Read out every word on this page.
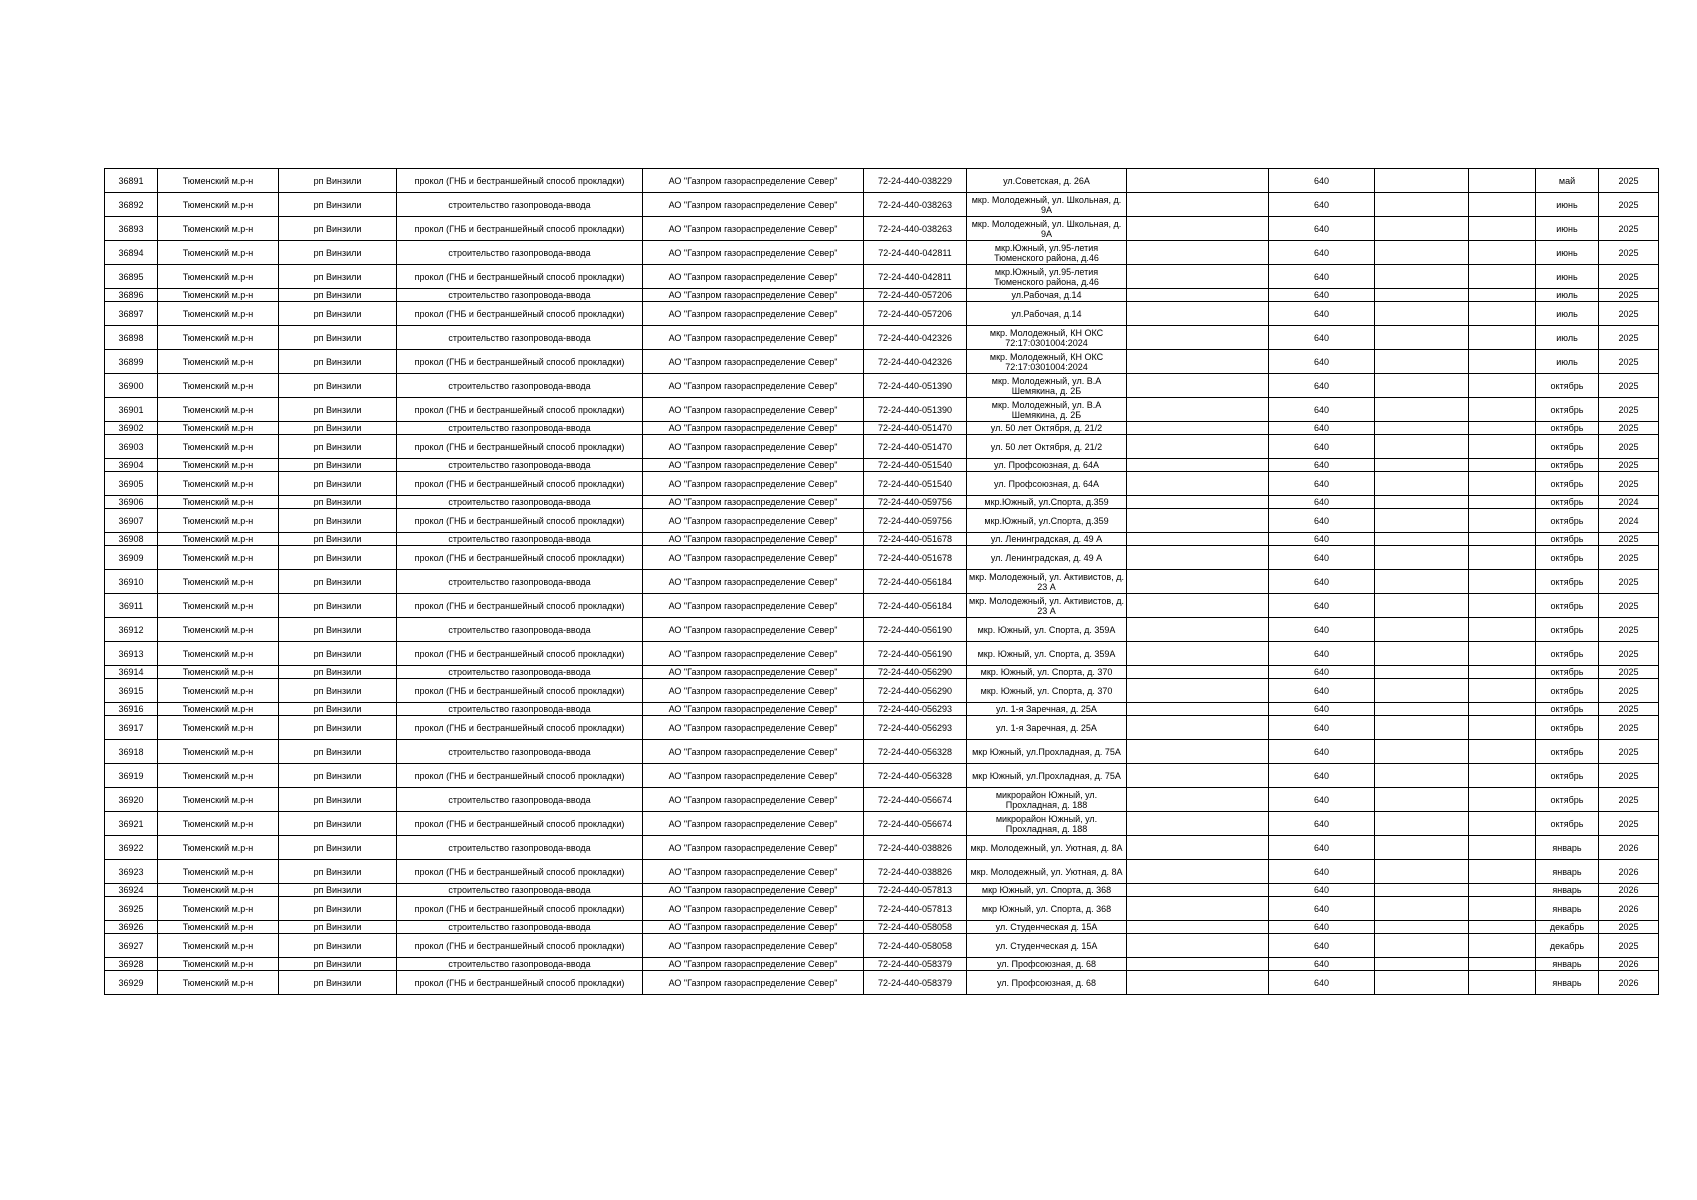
36891	Тюменский м.р-н	рп Винзили	прокол (ГНБ и бестраншейный способ прокладки)	АО "Газпром газораспределение Север"	72-24-440-038229	ул.Советская, д. 26А		640			май	2025
36892	Тюменский м.р-н	рп Винзили	строительство газопровода-ввода	АО "Газпром газораспределение Север"	72-24-440-038263	мкр. Молодежный, ул. Школьная, д. 9А		640			июнь	2025
36893	Тюменский м.р-н	рп Винзили	прокол (ГНБ и бестраншейный способ прокладки)	АО "Газпром газораспределение Север"	72-24-440-038263	мкр. Молодежный, ул. Школьная, д. 9А		640			июнь	2025
36894	Тюменский м.р-н	рп Винзили	строительство газопровода-ввода	АО "Газпром газораспределение Север"	72-24-440-042811	мкр.Южный, ул.95-летия Тюменского района, д.46		640			июнь	2025
36895	Тюменский м.р-н	рп Винзили	прокол (ГНБ и бестраншейный способ прокладки)	АО "Газпром газораспределение Север"	72-24-440-042811	мкр.Южный, ул.95-летия Тюменского района, д.46		640			июнь	2025
36896	Тюменский м.р-н	рп Винзили	строительство газопровода-ввода	АО "Газпром газораспределение Север"	72-24-440-057206	ул.Рабочая, д.14		640			июль	2025
36897	Тюменский м.р-н	рп Винзили	прокол (ГНБ и бестраншейный способ прокладки)	АО "Газпром газораспределение Север"	72-24-440-057206	ул.Рабочая, д.14		640			июль	2025
36898	Тюменский м.р-н	рп Винзили	строительство газопровода-ввода	АО "Газпром газораспределение Север"	72-24-440-042326	мкр. Молодежный, КН ОКС 72:17:0301004:2024		640			июль	2025
36899	Тюменский м.р-н	рп Винзили	прокол (ГНБ и бестраншейный способ прокладки)	АО "Газпром газораспределение Север"	72-24-440-042326	мкр. Молодежный, КН ОКС 72:17:0301004:2024		640			июль	2025
36900	Тюменский м.р-н	рп Винзили	строительство газопровода-ввода	АО "Газпром газораспределение Север"	72-24-440-051390	мкр. Молодежный, ул. В.А Шемякина, д. 2Б		640			октябрь	2025
36901	Тюменский м.р-н	рп Винзили	прокол (ГНБ и бестраншейный способ прокладки)	АО "Газпром газораспределение Север"	72-24-440-051390	мкр. Молодежный, ул. В.А Шемякина, д. 2Б		640			октябрь	2025
36902	Тюменский м.р-н	рп Винзили	строительство газопровода-ввода	АО "Газпром газораспределение Север"	72-24-440-051470	ул. 50 лет Октября, д. 21/2		640			октябрь	2025
36903	Тюменский м.р-н	рп Винзили	прокол (ГНБ и бестраншейный способ прокладки)	АО "Газпром газораспределение Север"	72-24-440-051470	ул. 50 лет Октября, д. 21/2		640			октябрь	2025
36904	Тюменский м.р-н	рп Винзили	строительство газопровода-ввода	АО "Газпром газораспределение Север"	72-24-440-051540	ул. Профсоюзная, д. 64А		640			октябрь	2025
36905	Тюменский м.р-н	рп Винзили	прокол (ГНБ и бестраншейный способ прокладки)	АО "Газпром газораспределение Север"	72-24-440-051540	ул. Профсоюзная, д. 64А		640			октябрь	2025
36906	Тюменский м.р-н	рп Винзили	строительство газопровода-ввода	АО "Газпром газораспределение Север"	72-24-440-059756	мкр.Южный, ул.Спорта, д.359		640			октябрь	2024
36907	Тюменский м.р-н	рп Винзили	прокол (ГНБ и бестраншейный способ прокладки)	АО "Газпром газораспределение Север"	72-24-440-059756	мкр.Южный, ул.Спорта, д.359		640			октябрь	2024
36908	Тюменский м.р-н	рп Винзили	строительство газопровода-ввода	АО "Газпром газораспределение Север"	72-24-440-051678	ул. Ленинградская, д. 49 А		640			октябрь	2025
36909	Тюменский м.р-н	рп Винзили	прокол (ГНБ и бестраншейный способ прокладки)	АО "Газпром газораспределение Север"	72-24-440-051678	ул. Ленинградская, д. 49 А		640			октябрь	2025
36910	Тюменский м.р-н	рп Винзили	строительство газопровода-ввода	АО "Газпром газораспределение Север"	72-24-440-056184	мкр. Молодежный, ул. Активистов, д. 23 А		640			октябрь	2025
36911	Тюменский м.р-н	рп Винзили	прокол (ГНБ и бестраншейный способ прокладки)	АО "Газпром газораспределение Север"	72-24-440-056184	мкр. Молодежный, ул. Активистов, д. 23 А		640			октябрь	2025
36912	Тюменский м.р-н	рп Винзили	строительство газопровода-ввода	АО "Газпром газораспределение Север"	72-24-440-056190	мкр. Южный, ул. Спорта, д. 359А		640			октябрь	2025
36913	Тюменский м.р-н	рп Винзили	прокол (ГНБ и бестраншейный способ прокладки)	АО "Газпром газораспределение Север"	72-24-440-056190	мкр. Южный, ул. Спорта, д. 359А		640			октябрь	2025
36914	Тюменский м.р-н	рп Винзили	строительство газопровода-ввода	АО "Газпром газораспределение Север"	72-24-440-056290	мкр. Южный, ул. Спорта, д. 370		640			октябрь	2025
36915	Тюменский м.р-н	рп Винзили	прокол (ГНБ и бестраншейный способ прокладки)	АО "Газпром газораспределение Север"	72-24-440-056290	мкр. Южный, ул. Спорта, д. 370		640			октябрь	2025
36916	Тюменский м.р-н	рп Винзили	строительство газопровода-ввода	АО "Газпром газораспределение Север"	72-24-440-056293	ул. 1-я Заречная, д. 25А		640			октябрь	2025
36917	Тюменский м.р-н	рп Винзили	прокол (ГНБ и бестраншейный способ прокладки)	АО "Газпром газораспределение Север"	72-24-440-056293	ул. 1-я Заречная, д. 25А		640			октябрь	2025
36918	Тюменский м.р-н	рп Винзили	строительство газопровода-ввода	АО "Газпром газораспределение Север"	72-24-440-056328	мкр Южный, ул.Прохладная, д. 75А		640			октябрь	2025
36919	Тюменский м.р-н	рп Винзили	прокол (ГНБ и бестраншейный способ прокладки)	АО "Газпром газораспределение Север"	72-24-440-056328	мкр Южный, ул.Прохладная, д. 75А		640			октябрь	2025
36920	Тюменский м.р-н	рп Винзили	строительство газопровода-ввода	АО "Газпром газораспределение Север"	72-24-440-056674	микрорайон Южный, ул. Прохладная, д. 188		640			октябрь	2025
36921	Тюменский м.р-н	рп Винзили	прокол (ГНБ и бестраншейный способ прокладки)	АО "Газпром газораспределение Север"	72-24-440-056674	микрорайон Южный, ул. Прохладная, д. 188		640			октябрь	2025
36922	Тюменский м.р-н	рп Винзили	строительство газопровода-ввода	АО "Газпром газораспределение Север"	72-24-440-038826	мкр. Молодежный, ул. Уютная, д. 8А		640			январь	2026
36923	Тюменский м.р-н	рп Винзили	прокол (ГНБ и бестраншейный способ прокладки)	АО "Газпром газораспределение Север"	72-24-440-038826	мкр. Молодежный, ул. Уютная, д. 8А		640			январь	2026
36924	Тюменский м.р-н	рп Винзили	строительство газопровода-ввода	АО "Газпром газораспределение Север"	72-24-440-057813	мкр Южный, ул. Спорта, д. 368		640			январь	2026
36925	Тюменский м.р-н	рп Винзили	прокол (ГНБ и бестраншейный способ прокладки)	АО "Газпром газораспределение Север"	72-24-440-057813	мкр Южный, ул. Спорта, д. 368		640			январь	2026
36926	Тюменский м.р-н	рп Винзили	строительство газопровода-ввода	АО "Газпром газораспределение Север"	72-24-440-058058	ул. Студенческая д. 15А		640			декабрь	2025
36927	Тюменский м.р-н	рп Винзили	прокол (ГНБ и бестраншейный способ прокладки)	АО "Газпром газораспределение Север"	72-24-440-058058	ул. Студенческая д. 15А		640			декабрь	2025
36928	Тюменский м.р-н	рп Винзили	строительство газопровода-ввода	АО "Газпром газораспределение Север"	72-24-440-058379	ул. Профсоюзная, д. 68		640			январь	2026
36929	Тюменский м.р-н	рп Винзили	прокол (ГНБ и бестраншейный способ прокладки)	АО "Газпром газораспределение Север"	72-24-440-058379	ул. Профсоюзная, д. 68		640			январь	2026
